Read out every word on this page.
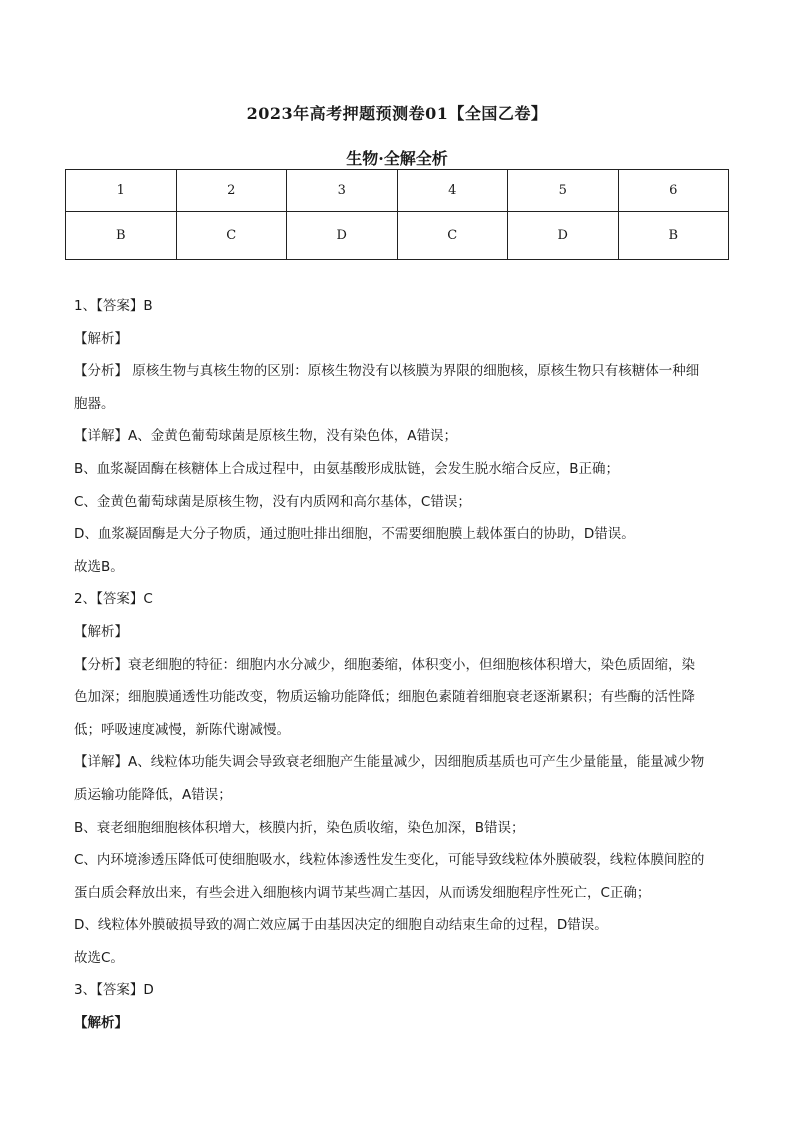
2023年高考押题预测卷01【全国乙卷】
生物·全解全析
1	2	3	4	5	6
B	C	D	C	D	B
1、【答案】B
【解析】
【分析】 原核生物与真核生物的区别：原核生物没有以核膜为界限的细胞核，原核生物只有核糖体一种细
胞器。
【详解】A、金黄色葡萄球菌是原核生物，没有染色体，A错误；
B、血浆凝固酶在核糖体上合成过程中，由氨基酸形成肽链，会发生脱水缩合反应，B正确；
C、金黄色葡萄球菌是原核生物，没有内质网和高尔基体，C错误；
D、血浆凝固酶是大分子物质，通过胞吐排出细胞，不需要细胞膜上载体蛋白的协助，D错误。
故选B。
2、【答案】C
【解析】
【分析】衰老细胞的特征：细胞内水分减少，细胞萎缩，体积变小，但细胞核体积增大，染色质固缩，染
色加深；细胞膜通透性功能改变，物质运输功能降低；细胞色素随着细胞衰老逐渐累积；有些酶的活性降
低；呼吸速度减慢，新陈代谢减慢。
【详解】A、线粒体功能失调会导致衰老细胞产生能量减少，因细胞质基质也可产生少量能量，能量减少物
质运输功能降低，A错误；
B、衰老细胞细胞核体积增大，核膜内折，染色质收缩，染色加深，B错误；
C、内环境渗透压降低可使细胞吸水，线粒体渗透性发生变化，可能导致线粒体外膜破裂，线粒体膜间腔的
蛋白质会释放出来，有些会进入细胞核内调节某些凋亡基因，从而诱发细胞程序性死亡，C正确；
D、线粒体外膜破损导致的凋亡效应属于由基因决定的细胞自动结束生命的过程，D错误。
故选C。
3、【答案】D
【解析】
